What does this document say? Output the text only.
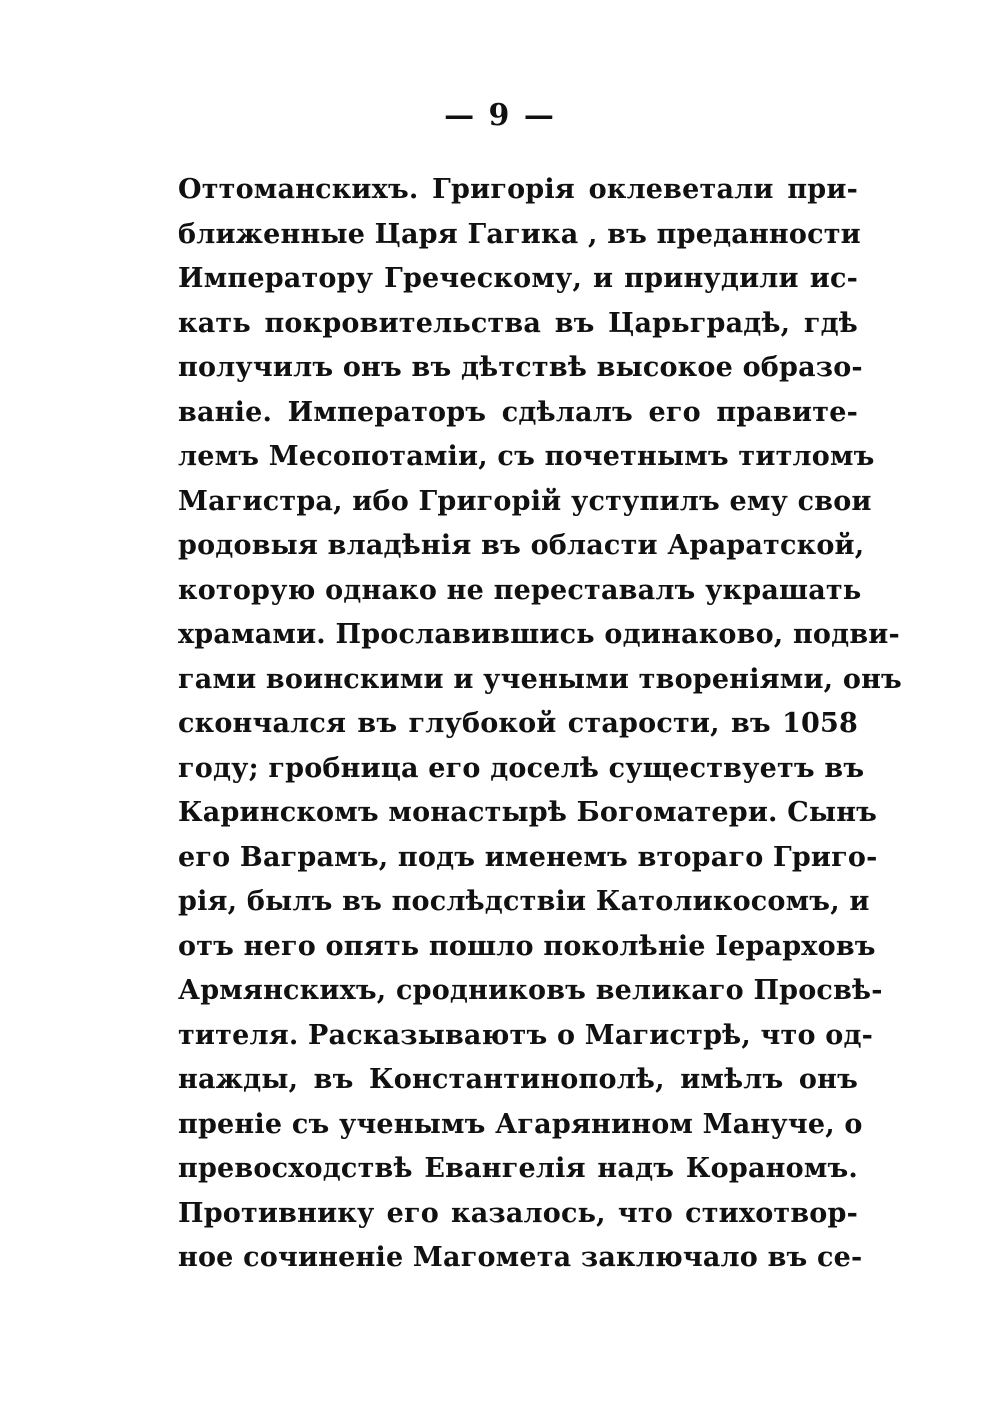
— 9 —
Оттоманскихъ. Григорія оклеветали при-
ближенные Царя Гагика , въ преданности
Императору Греческому, и принудили ис-
кать покровительства въ Царьградѣ, гдѣ
получилъ онъ въ дѣтствѣ высокое образо-
ваніе. Императоръ сдѣлалъ его правите-
лемъ Месопотаміи, съ почетнымъ титломъ
Магистра, ибо Григорій уступилъ ему свои
родовыя владѣнія въ области Араратской,
которую однако не переставалъ украшать
храмами. Прославившись одинаково, подви-
гами воинскими и учеными твореніями, онъ
скончался въ глубокой старости, въ 1058
году; гробница его доселѣ существуетъ въ
Каринскомъ монастырѣ Богоматери. Сынъ
его Ваграмъ, подъ именемъ втораго Григо-
рія, былъ въ послѣдствіи Католикосомъ, и
отъ него опять пошло поколѣніе Іерарховъ
Армянскихъ, сродниковъ великаго Просвѣ-
тителя. Расказываютъ о Магистрѣ, что од-
нажды, въ Константинополѣ, имѣлъ онъ
преніе съ ученымъ Агарянином Мануче, о
превосходствѣ Евангелія надъ Кораномъ.
Противнику его казалось, что стихотвор-
ное сочиненіе Магомета заключало въ се-
